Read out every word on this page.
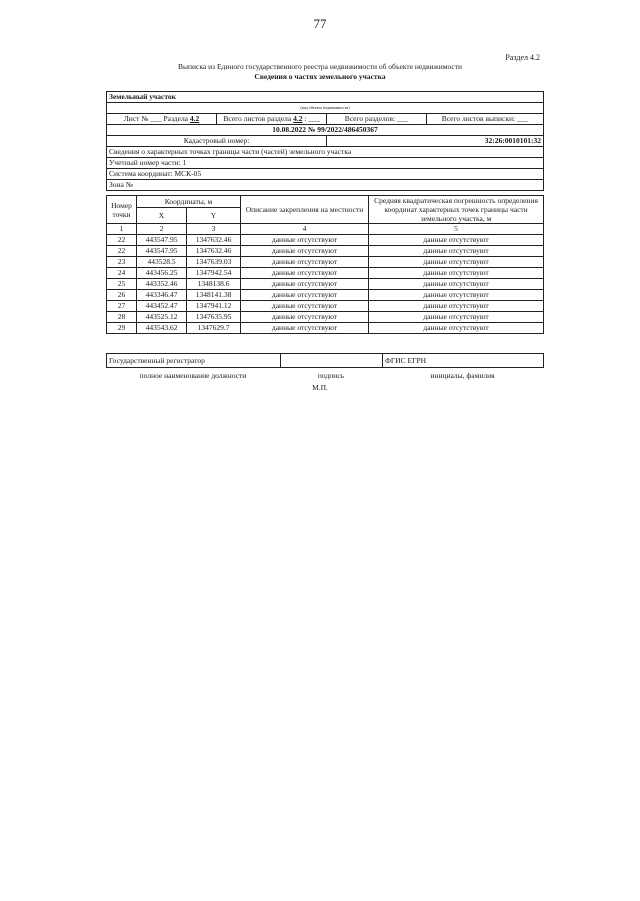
77
Раздел 4.2
Выписка из Единого государственного реестра недвижимости об объекте недвижимости
Сведения о частях земельного участка
Земельный участок			
(вид объекта недвижимости)			
Лист № ___ Раздела 4.2	Всего листов раздела 4.2 : ___	Всего разделов: ___	Всего листов выписки: ___
10.08.2022 № 99/2022/486450367			
Кадастровый номер:		32:26:0010101:32	
Сведения о характерных точках границы части (частей) земельного участка			
Учетный номер части: 1			
Система координат: МСК-05			
Зона №			
Номер точки	Координаты, м		Описание закрепления на местности	Средняя квадратическая погрешность определения координат характерных точек границы части земельного участка, м
	X	Y		
1	2	3	4	5
22	443547.95	1347632.46	данные отсутствуют	данные отсутствуют
22	443547.95	1347632.46	данные отсутствуют	данные отсутствуют
23	443528.5	1347639.03	данные отсутствуют	данные отсутствуют
24	443456.25	1347942.54	данные отсутствуют	данные отсутствуют
25	443352.46	1348138.6	данные отсутствуют	данные отсутствуют
26	443346.47	1348141.38	данные отсутствуют	данные отсутствуют
27	443452.47	1347941.12	данные отсутствуют	данные отсутствуют
28	443525.12	1347635.95	данные отсутствуют	данные отсутствуют
29	443543.62	1347629.7	данные отсутствуют	данные отсутствуют
Государственный регистратор		ФГИС ЕГРН
полное наименование должности	подпись	инициалы, фамилия
М.П.
